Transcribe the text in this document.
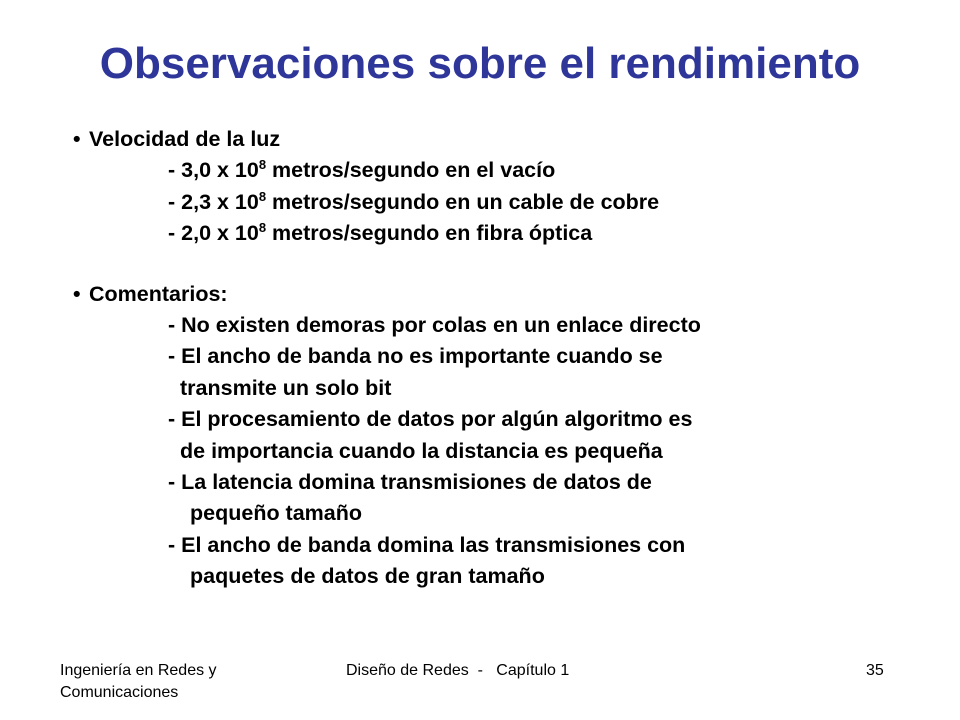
Observaciones sobre el rendimiento
• Velocidad de la luz
- 3,0 x $10^8$ metros/segundo en el vacío
- 2,3 x $10^8$ metros/segundo en un cable de cobre
- 2,0 x $10^8$ metros/segundo en fibra óptica
• Comentarios:
- No existen demoras por colas en un enlace directo
- El ancho de banda no es importante cuando se
transmite un solo bit
- El procesamiento de datos por algún algoritmo es
de importancia cuando la distancia es pequeña
- La latencia domina transmisiones de datos de
pequeño tamaño
- El ancho de banda domina las transmisiones con
paquetes de datos de gran tamaño
Ingeniería en Redes y
Comunicaciones
Diseño de Redes  -   Capítulo 1	35
